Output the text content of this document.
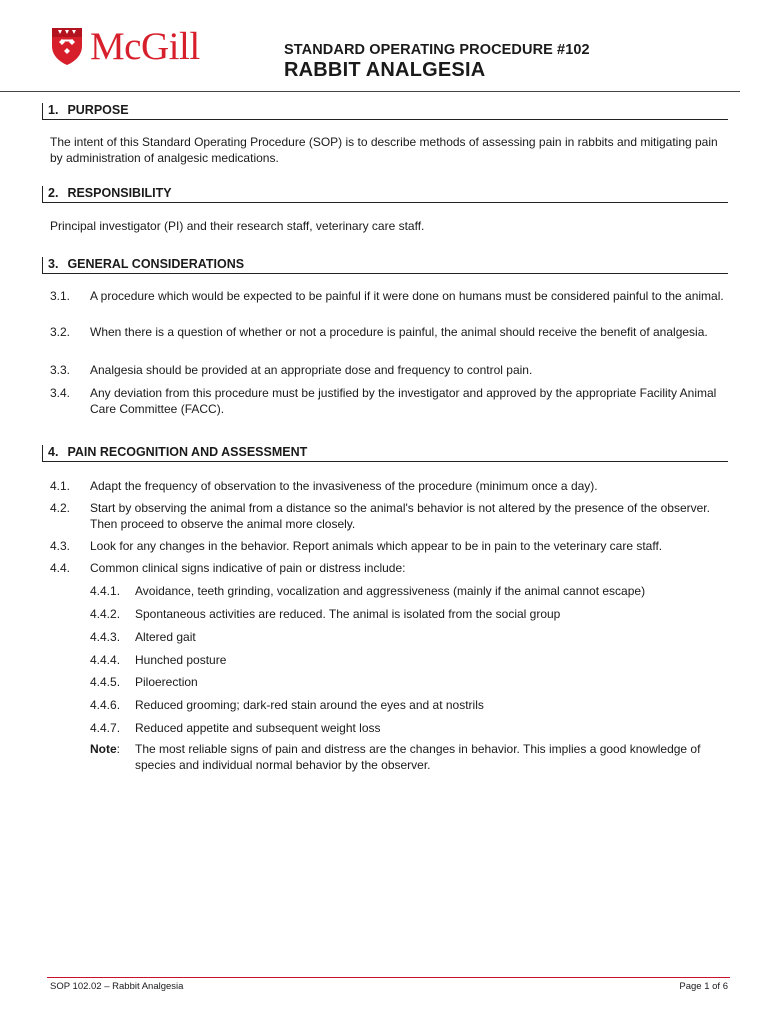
McGill	STANDARD OPERATING PROCEDURE #102
RABBIT ANALGESIA
1. PURPOSE
The intent of this Standard Operating Procedure (SOP) is to describe methods of assessing pain in rabbits and mitigating pain by administration of analgesic medications.
2. RESPONSIBILITY
Principal investigator (PI) and their research staff, veterinary care staff.
3. GENERAL CONSIDERATIONS
3.1. A procedure which would be expected to be painful if it were done on humans must be considered painful to the animal.
3.2. When there is a question of whether or not a procedure is painful, the animal should receive the benefit of analgesia.
3.3. Analgesia should be provided at an appropriate dose and frequency to control pain.
3.4. Any deviation from this procedure must be justified by the investigator and approved by the appropriate Facility Animal Care Committee (FACC).
4. PAIN RECOGNITION AND ASSESSMENT
4.1. Adapt the frequency of observation to the invasiveness of the procedure (minimum once a day).
4.2. Start by observing the animal from a distance so the animal's behavior is not altered by the presence of the observer. Then proceed to observe the animal more closely.
4.3. Look for any changes in the behavior. Report animals which appear to be in pain to the veterinary care staff.
4.4. Common clinical signs indicative of pain or distress include:
4.4.1. Avoidance, teeth grinding, vocalization and aggressiveness (mainly if the animal cannot escape)
4.4.2. Spontaneous activities are reduced. The animal is isolated from the social group
4.4.3. Altered gait
4.4.4. Hunched posture
4.4.5. Piloerection
4.4.6. Reduced grooming; dark-red stain around the eyes and at nostrils
4.4.7. Reduced appetite and subsequent weight loss
Note: The most reliable signs of pain and distress are the changes in behavior. This implies a good knowledge of species and individual normal behavior by the observer.
SOP 102.02 – Rabbit Analgesia	Page 1 of 6
